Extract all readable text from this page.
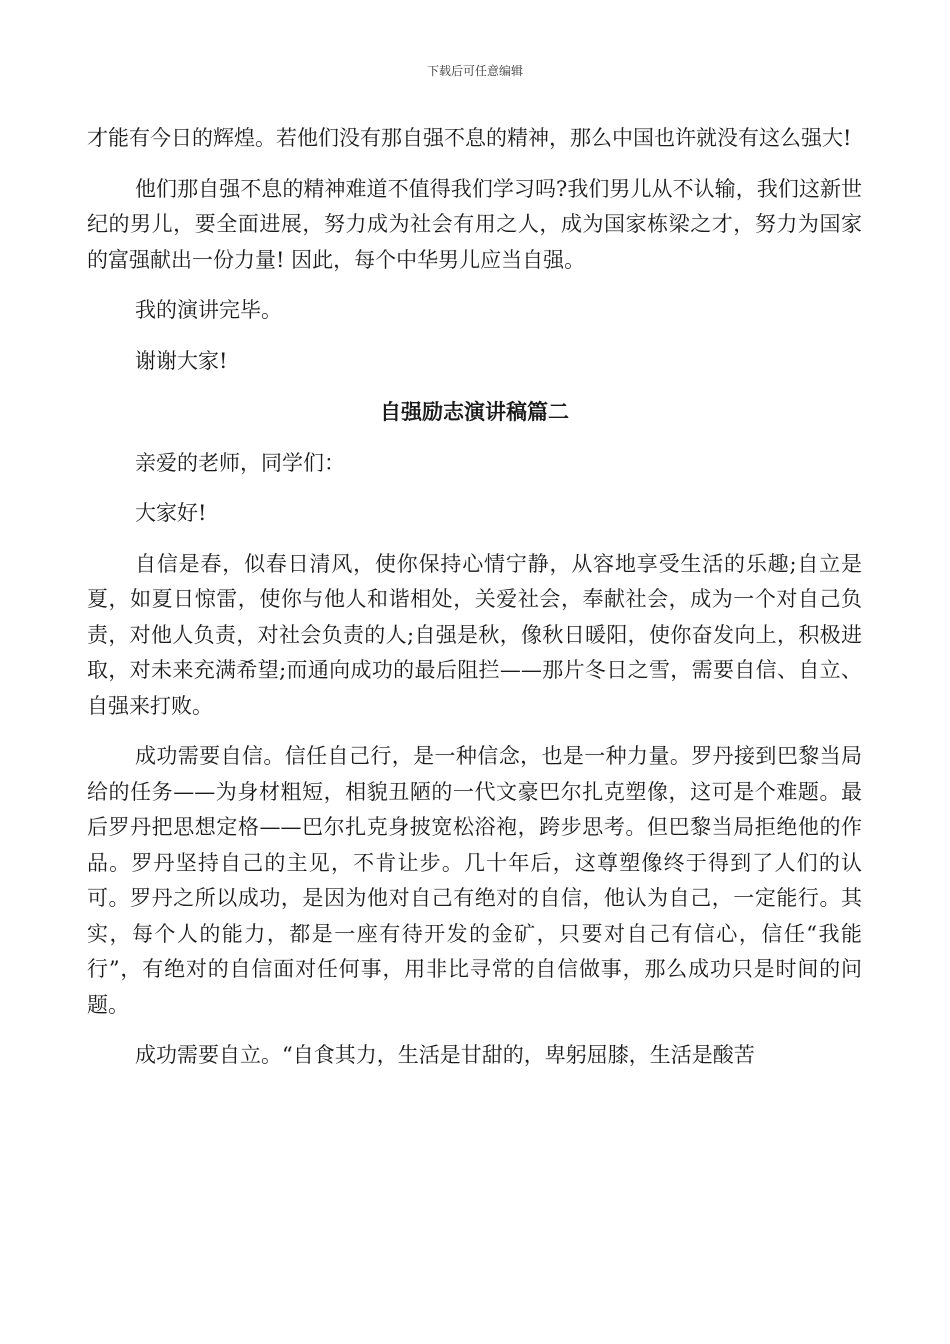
下载后可任意编辑

才能有今日的辉煌。若他们没有那自强不息的精神，那么中国也许就没有这么强大!

他们那自强不息的精神难道不值得我们学习吗?我们男儿从不认输，我们这新世纪的男儿，要全面进展，努力成为社会有用之人，成为国家栋梁之才，努力为国家的富强献出一份力量! 因此，每个中华男儿应当自强。

我的演讲完毕。

谢谢大家!

自强励志演讲稿篇二

亲爱的老师，同学们：

大家好!

自信是春，似春日清风，使你保持心情宁静，从容地享受生活的乐趣;自立是夏，如夏日惊雷，使你与他人和谐相处，关爱社会，奉献社会，成为一个对自己负责，对他人负责，对社会负责的人;自强是秋，像秋日暖阳，使你奋发向上，积极进取，对未来充满希望;而通向成功的最后阻拦——那片冬日之雪，需要自信、自立、自强来打败。

成功需要自信。信任自己行，是一种信念，也是一种力量。罗丹接到巴黎当局给的任务——为身材粗短，相貌丑陋的一代文豪巴尔扎克塑像，这可是个难题。最后罗丹把思想定格——巴尔扎克身披宽松浴袍，跨步思考。但巴黎当局拒绝他的作品。罗丹坚持自己的主见，不肯让步。几十年后，这尊塑像终于得到了人们的认可。罗丹之所以成功，是因为他对自己有绝对的自信，他认为自己，一定能行。其实，每个人的能力，都是一座有待开发的金矿，只要对自己有信心，信任“我能行”，有绝对的自信面对任何事，用非比寻常的自信做事，那么成功只是时间的问题。

成功需要自立。“自食其力，生活是甘甜的，卑躬屈膝，生活是酸苦
